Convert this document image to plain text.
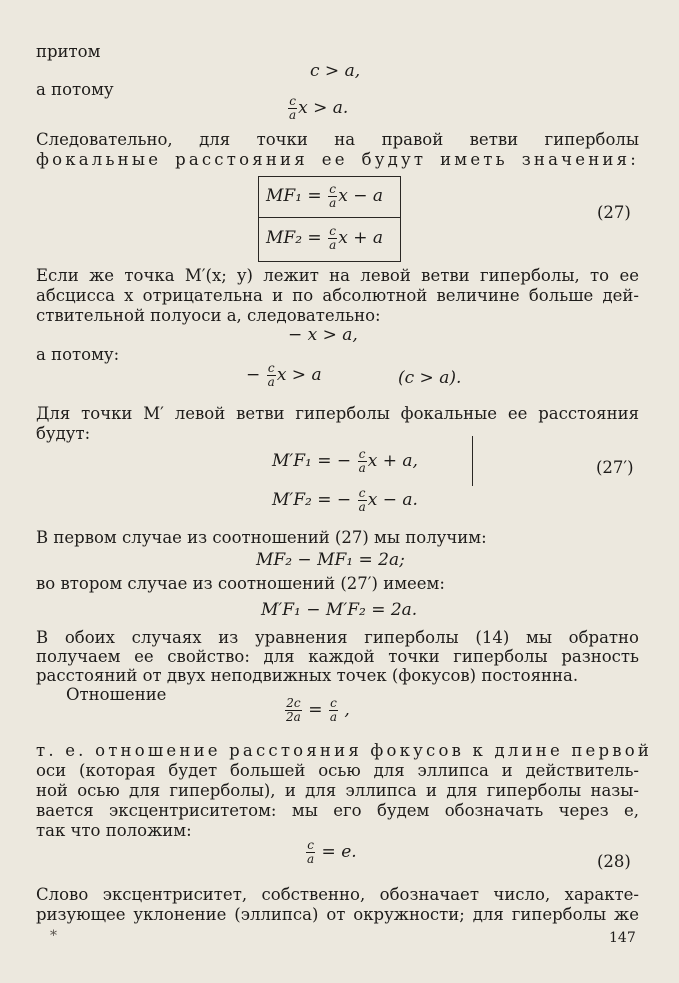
притом
c > a,
а потому
$\frac{c}{a}$ x > a.
Следовательно, для точки на правой ветви гиперболы
фокальные расстояния ее будут иметь значения:
$MF_1 = \frac{c}{a}$ x − a
$MF_2 = \frac{c}{a}$ x + a
(27)
Если же точка M′(x; y) лежит на левой ветви гиперболы, то ее
абсцисса x отрицательна и по абсолютной величине больше дей-
ствительной полуоси a, следовательно:
− x > a,
а потому:
− $\frac{c}{a}$ x > a	(c > a).
Для точки M′ левой ветви гиперболы фокальные ее расстояния
будут:
M′F₁ = − $\frac{c}{a}$ x + a,	(27′)
M′F₂ = − $\frac{c}{a}$ x − a.
В первом случае из соотношений (27) мы получим:
MF₂ − MF₁ = 2a;
во втором случае из соотношений (27′) имеем:
M′F₁ − M′F₂ = 2a.
В обоих случаях из уравнения гиперболы (14) мы обратно
получаем ее свойство: для каждой точки гиперболы разность
расстояний от двух неподвижных точек (фокусов) постоянна.
Отношение
$\frac{2c}{2a} = \frac{c}{a}$ ,
т. е. отношение расстояния фокусов к длине первой
оси (которая будет большей осью для эллипса и действитель-
ной осью для гиперболы), и для эллипса и для гиперболы назы-
вается эксцентриситетом: мы его будем обозначать через e,
так что положим:
$\frac{c}{a} = e$.	(28)
Слово эксцентриситет, собственно, обозначает число, характе-
ризующее уклонение (эллипса) от окружности; для гиперболы же
*	147
